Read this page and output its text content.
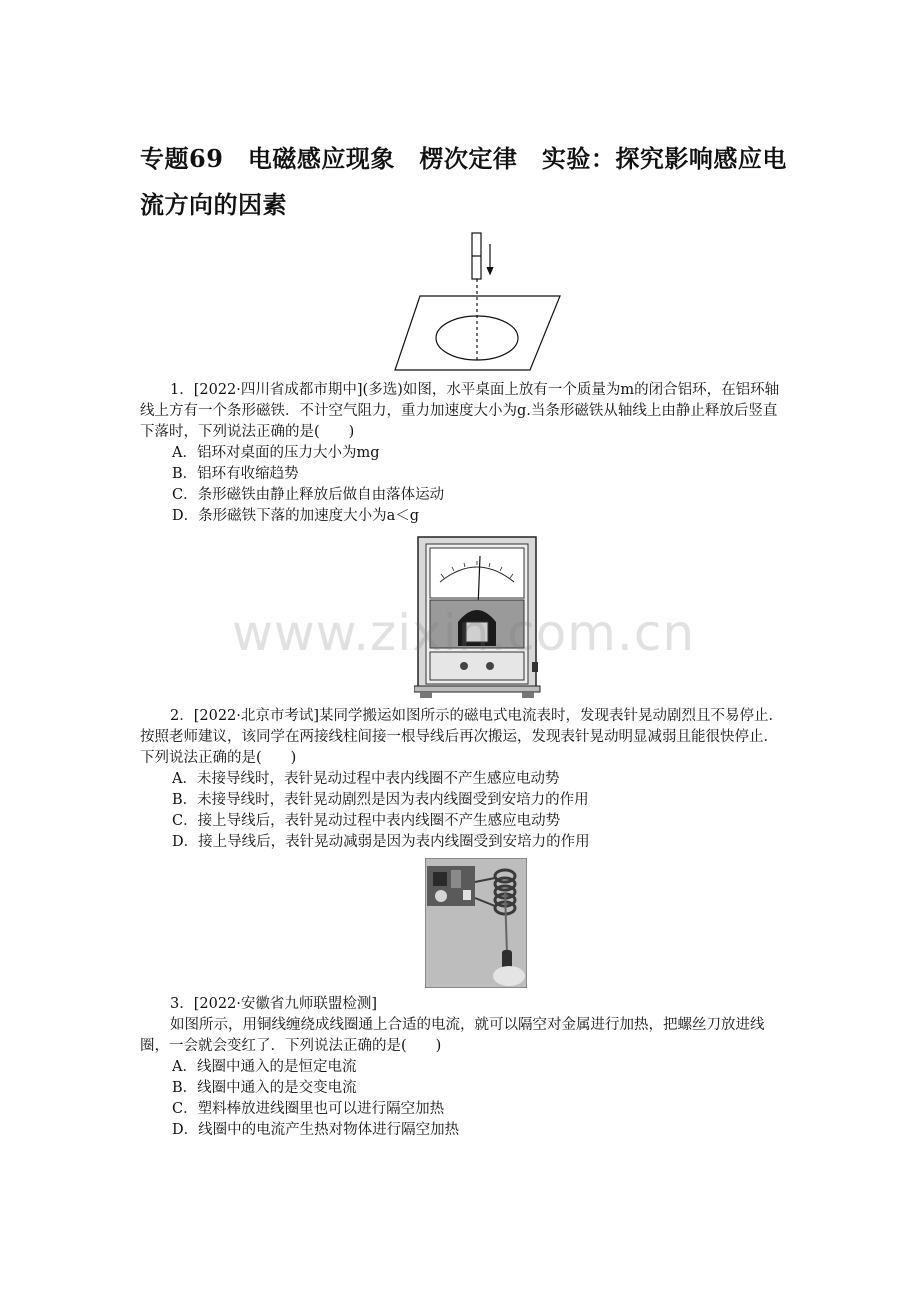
专题69　电磁感应现象　楞次定律　实验：探究影响感应电流方向的因素

1．[2022·四川省成都市期中](多选)如图，水平桌面上放有一个质量为m的闭合铝环，在铝环轴线上方有一个条形磁铁．不计空气阻力，重力加速度大小为g.当条形磁铁从轴线上由静止释放后竖直下落时，下列说法正确的是(　　)

A．铝环对桌面的压力大小为mg

B．铝环有收缩趋势

C．条形磁铁由静止释放后做自由落体运动

D．条形磁铁下落的加速度大小为a＜g

www.zixin.com.cn

2．[2022·北京市考试]某同学搬运如图所示的磁电式电流表时，发现表针晃动剧烈且不易停止．按照老师建议，该同学在两接线柱间接一根导线后再次搬运，发现表针晃动明显减弱且能很快停止．下列说法正确的是(　　)

A．未接导线时，表针晃动过程中表内线圈不产生感应电动势

B．未接导线时，表针晃动剧烈是因为表内线圈受到安培力的作用

C．接上导线后，表针晃动过程中表内线圈不产生感应电动势

D．接上导线后，表针晃动减弱是因为表内线圈受到安培力的作用

3．[2022·安徽省九师联盟检测]

如图所示，用铜线缠绕成线圈通上合适的电流，就可以隔空对金属进行加热，把螺丝刀放进线圈，一会就会变红了．下列说法正确的是(　　)

A．线圈中通入的是恒定电流

B．线圈中通入的是交变电流

C．塑料棒放进线圈里也可以进行隔空加热

D．线圈中的电流产生热对物体进行隔空加热
